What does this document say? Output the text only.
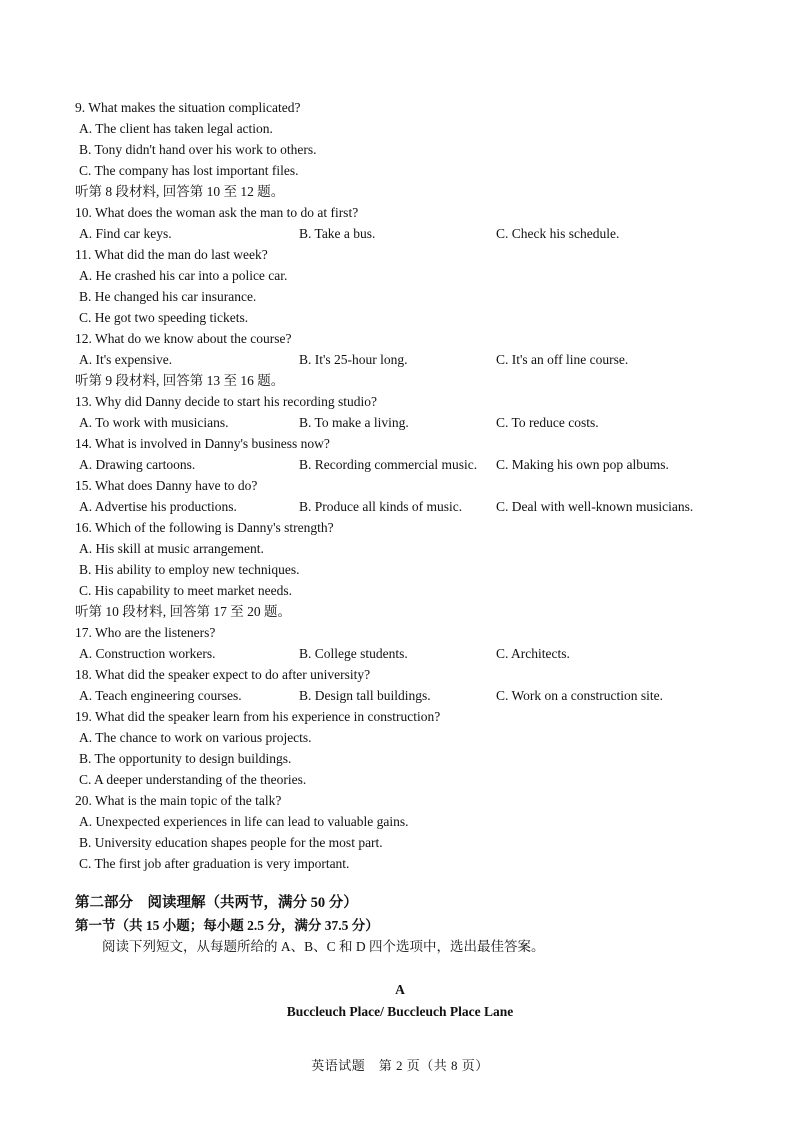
9. What makes the situation complicated?
A. The client has taken legal action.
B. Tony didn't hand over his work to others.
C. The company has lost important files.
听第 8 段材料, 回答第 10 至 12 题。
10. What does the woman ask the man to do at first?
A. Find car keys.	B. Take a bus.	C. Check his schedule.
11. What did the man do last week?
A. He crashed his car into a police car.
B. He changed his car insurance.
C. He got two speeding tickets.
12. What do we know about the course?
A. It's expensive.	B. It's 25-hour long.	C. It's an off line course.
听第 9 段材料, 回答第 13 至 16 题。
13. Why did Danny decide to start his recording studio?
A. To work with musicians.	B. To make a living.	C. To reduce costs.
14. What is involved in Danny's business now?
A. Drawing cartoons.	B. Recording commercial music. C. Making his own pop albums.
15. What does Danny have to do?
A. Advertise his productions.	B. Produce all kinds of music.	C. Deal with well-known musicians.
16. Which of the following is Danny's strength?
A. His skill at music arrangement.
B. His ability to employ new techniques.
C. His capability to meet market needs.
听第 10 段材料, 回答第 17 至 20 题。
17. Who are the listeners?
A. Construction workers.	B. College students.	C. Architects.
18. What did the speaker expect to do after university?
A. Teach engineering courses.	B. Design tall buildings.	C. Work on a construction site.
19. What did the speaker learn from his experience in construction?
A. The chance to work on various projects.
B. The opportunity to design buildings.
C. A deeper understanding of the theories.
20. What is the main topic of the talk?
A. Unexpected experiences in life can lead to valuable gains.
B. University education shapes people for the most part.
C. The first job after graduation is very important.
第二部分　阅读理解（共两节，满分 50 分）
第一节（共 15 小题；每小题 2.5 分，满分 37.5 分）
阅读下列短文，从每题所给的 A、B、C 和 D 四个选项中，选出最佳答案。
A
Buccleuch Place/ Buccleuch Place Lane
英语试题　第 2 页（共 8 页）
